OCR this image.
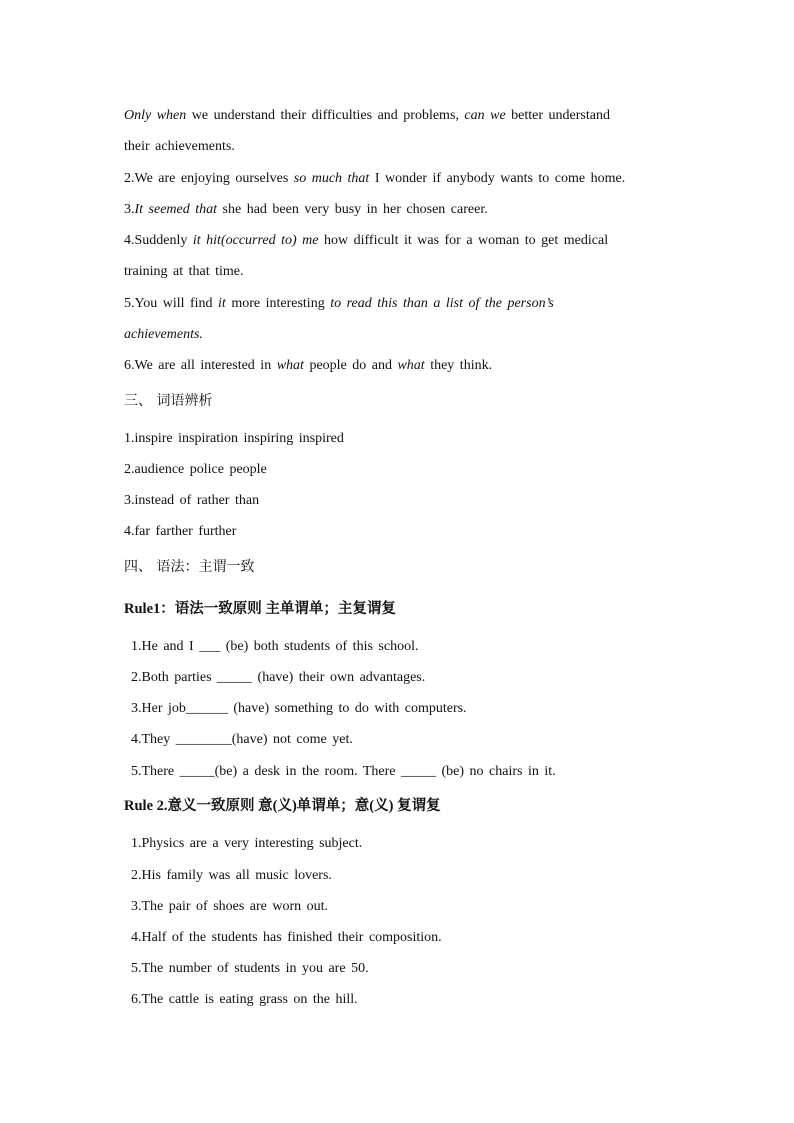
Only when we understand their difficulties and problems, can we better understand
their achievements.
2.We are enjoying ourselves so much that I wonder if anybody wants to come home.
3.It seemed that she had been very busy in her chosen career.
4.Suddenly it hit(occurred to) me how difficult it was for a woman to get medical
training at that time.
5.You will find it more interesting to read this than a list of the person’s
achievements.
6.We are all interested in what people do and what they think.
三、 词语辨析
1.inspire inspiration inspiring inspired
2.audience police people
3.instead of rather than
4.far farther further
四、 语法：主谓一致
Rule1：语法一致原则 主单谓单；主复谓复
1.He and I ___ (be) both students of this school.
2.Both parties _____ (have) their own advantages.
3.Her job______ (have) something to do with computers.
4.They ________(have) not come yet.
5.There _____(be) a desk in the room. There _____ (be) no chairs in it.
Rule 2.意义一致原则 意(义)单谓单；意(义) 复谓复
1.Physics are a very interesting subject.
2.His family was all music lovers.
3.The pair of shoes are worn out.
4.Half of the students has finished their composition.
5.The number of students in you are 50.
6.The cattle is eating grass on the hill.
